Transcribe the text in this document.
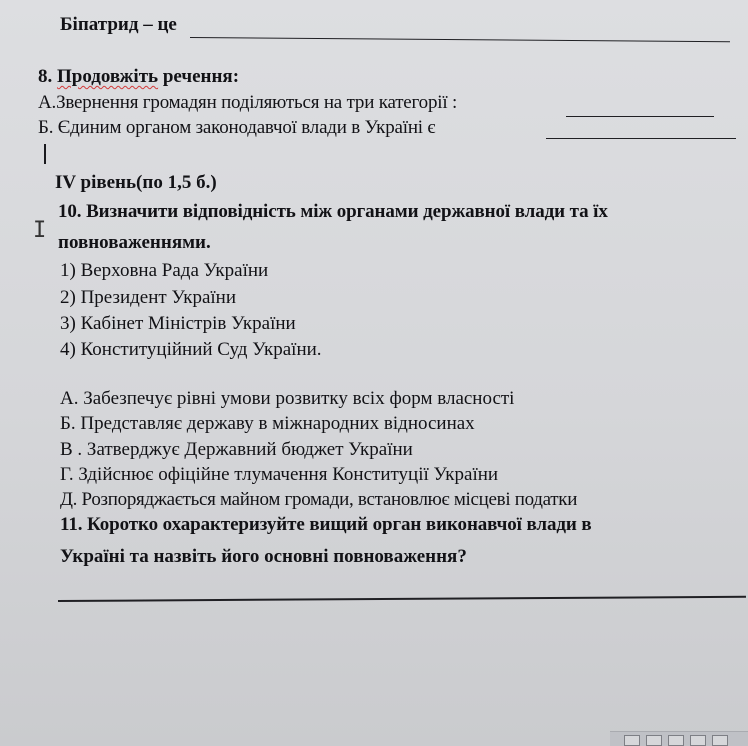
Біпатрид – це
8. Продовжіть речення:
А.Звернення громадян поділяються на три категорії :
Б. Єдиним органом законодавчої влади в Україні є
IV рівень(по 1,5 б.)
I
10. Визначити відповідність між органами державної влади та їх
повноваженнями.
1) Верховна Рада України
2) Президент України
3) Кабінет Міністрів України
4) Конституційний Суд України.
А. Забезпечує рівні умови розвитку всіх форм власності
Б. Представляє державу в міжнародних відносинах
В . Затверджує Державний бюджет України
Г. Здійснює офіційне тлумачення Конституції України
Д. Розпоряджається майном громади, встановлює місцеві податки
11. Коротко охарактеризуйте вищий орган виконавчої влади в
Україні та назвіть його основні повноваження?
